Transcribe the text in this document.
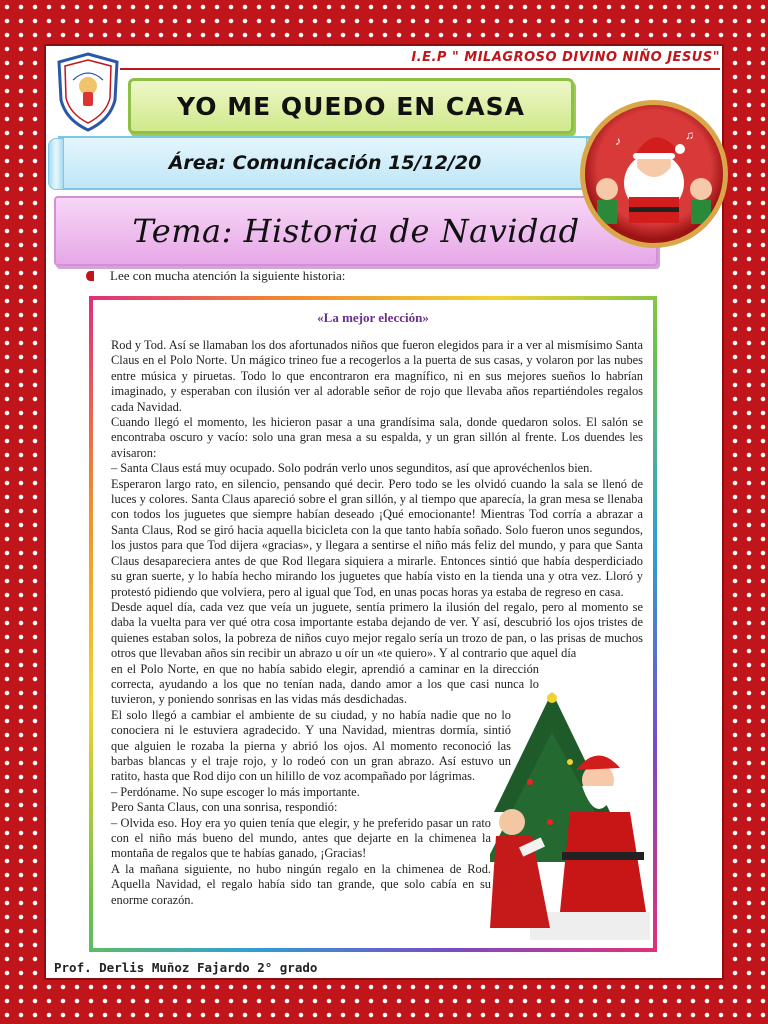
I.E.P " MILAGROSO DIVINO NIÑO JESUS"
YO ME QUEDO EN CASA
Área: Comunicación 15/12/20
Tema: Historia de Navidad
♪	♫
Lee con mucha atención la siguiente historia:
«La mejor elección»

Rod y Tod. Así se llamaban los dos afortunados niños que fueron elegidos para ir a ver al mismísimo Santa Claus en el Polo Norte. Un mágico trineo fue a recogerlos a la puerta de sus casas, y volaron por las nubes entre música y piruetas. Todo lo que encontraron era magnífico, ni en sus mejores sueños lo habrían imaginado, y esperaban con ilusión ver al adorable señor de rojo que llevaba años repartiéndoles regalos cada Navidad.

Cuando llegó el momento, les hicieron pasar a una grandísima sala, donde quedaron solos. El salón se encontraba oscuro y vacío: solo una gran mesa a su espalda, y un gran sillón al frente. Los duendes les avisaron:

– Santa Claus está muy ocupado. Solo podrán verlo unos segunditos, así que aprovéchenlos bien.

Esperaron largo rato, en silencio, pensando qué decir. Pero todo se les olvidó cuando la sala se llenó de luces y colores. Santa Claus apareció sobre el gran sillón, y al tiempo que aparecía, la gran mesa se llenaba con todos los juguetes que siempre habían deseado ¡Qué emocionante! Mientras Tod corría a abrazar a Santa Claus, Rod se giró hacia aquella bicicleta con la que tanto había soñado. Solo fueron unos segundos, los justos para que Tod dijera «gracias», y llegara a sentirse el niño más feliz del mundo, y para que Santa Claus desapareciera antes de que Rod llegara siquiera a mirarle. Entonces sintió que había desperdiciado su gran suerte, y lo había hecho mirando los juguetes que había visto en la tienda una y otra vez. Lloró y protestó pidiendo que volviera, pero al igual que Tod, en unas pocas horas ya estaba de regreso en casa.

Desde aquel día, cada vez que veía un juguete, sentía primero la ilusión del regalo, pero al momento se daba la vuelta para ver qué otra cosa importante estaba dejando de ver. Y así, descubrió los ojos tristes de quienes estaban solos, la pobreza de niños cuyo mejor regalo sería un trozo de pan, o las prisas de muchos otros que llevaban años sin recibir un abrazo u oír un «te quiero». Y al contrario que aquel día

en el Polo Norte, en que no había sabido elegir, aprendió a caminar en la dirección correcta, ayudando a los que no tenían nada, dando amor a los que casi nunca lo tuvieron, y poniendo sonrisas en las vidas más desdichadas.

El solo llegó a cambiar el ambiente de su ciudad, y no había nadie que no lo conociera ni le estuviera agradecido. Y una Navidad, mientras dormía, sintió que alguien le rozaba la pierna y abrió los ojos. Al momento reconoció las barbas blancas y el traje rojo, y lo rodeó con un gran abrazo. Así estuvo un ratito, hasta que Rod dijo con un hilillo de voz acompañado por lágrimas.

– Perdóname. No supe escoger lo más importante.

Pero Santa Claus, con una sonrisa, respondió:

– Olvida eso. Hoy era yo quien tenía que elegir, y he preferido pasar un rato con el niño más bueno del mundo, antes que dejarte en la chimenea la montaña de regalos que te habías ganado, ¡Gracias!

A la mañana siguiente, no hubo ningún regalo en la chimenea de Rod. Aquella Navidad, el regalo había sido tan grande, que solo cabía en su enorme corazón.

Prof. Derlis Muñoz Fajardo 2° grado
